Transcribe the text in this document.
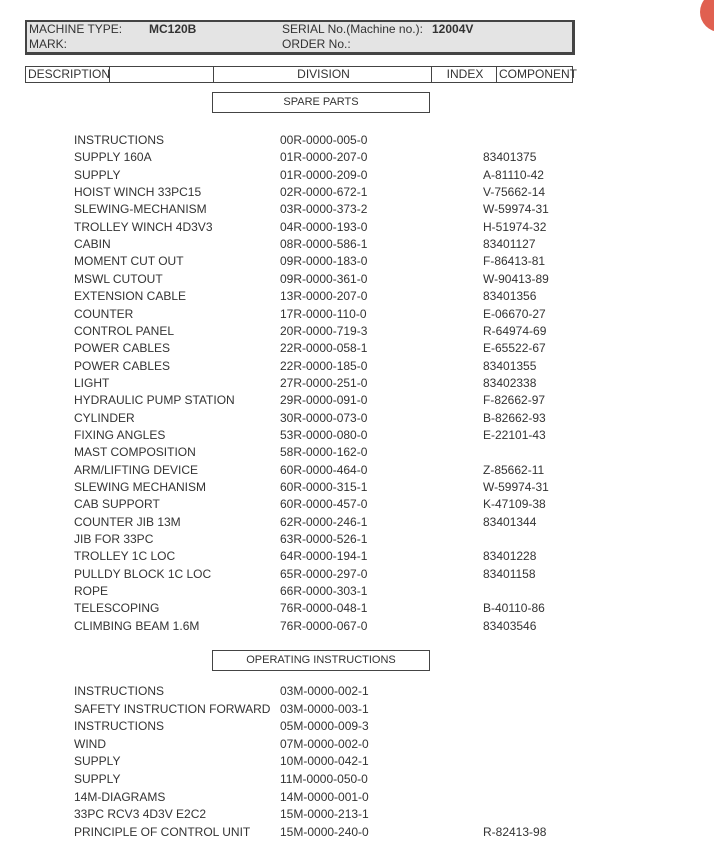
MACHINE TYPE: MC120B	SERIAL No.(Machine no.): 12004V
MARK:	ORDER No.:
DESCRIPTION	DIVISION	INDEX	COMPONENT
SPARE PARTS
INSTRUCTIONS	00R-0000-005-0
SUPPLY 160A	01R-0000-207-0	83401375
SUPPLY	01R-0000-209-0	A-81110-42
HOIST WINCH 33PC15	02R-0000-672-1	V-75662-14
SLEWING-MECHANISM	03R-0000-373-2	W-59974-31
TROLLEY WINCH 4D3V3	04R-0000-193-0	H-51974-32
CABIN	08R-0000-586-1	83401127
MOMENT CUT OUT	09R-0000-183-0	F-86413-81
MSWL CUTOUT	09R-0000-361-0	W-90413-89
EXTENSION CABLE	13R-0000-207-0	83401356
COUNTER	17R-0000-110-0	E-06670-27
CONTROL PANEL	20R-0000-719-3	R-64974-69
POWER CABLES	22R-0000-058-1	E-65522-67
POWER CABLES	22R-0000-185-0	83401355
LIGHT	27R-0000-251-0	83402338
HYDRAULIC PUMP STATION	29R-0000-091-0	F-82662-97
CYLINDER	30R-0000-073-0	B-82662-93
FIXING ANGLES	53R-0000-080-0	E-22101-43
MAST COMPOSITION	58R-0000-162-0
ARM/LIFTING DEVICE	60R-0000-464-0	Z-85662-11
SLEWING MECHANISM	60R-0000-315-1	W-59974-31
CAB SUPPORT	60R-0000-457-0	K-47109-38
COUNTER JIB 13M	62R-0000-246-1	83401344
JIB FOR 33PC	63R-0000-526-1
TROLLEY 1C LOC	64R-0000-194-1	83401228
PULLDY BLOCK 1C LOC	65R-0000-297-0	83401158
ROPE	66R-0000-303-1
TELESCOPING	76R-0000-048-1	B-40110-86
CLIMBING BEAM 1.6M	76R-0000-067-0	83403546
OPERATING INSTRUCTIONS
INSTRUCTIONS	03M-0000-002-1
SAFETY INSTRUCTION FORWARD 03M-0000-003-1
INSTRUCTIONS	05M-0000-009-3
WIND	07M-0000-002-0
SUPPLY	10M-0000-042-1
SUPPLY	11M-0000-050-0
14M-DIAGRAMS	14M-0000-001-0
33PC RCV3 4D3V E2C2	15M-0000-213-1
PRINCIPLE OF CONTROL UNIT 15M-0000-240-0	R-82413-98
